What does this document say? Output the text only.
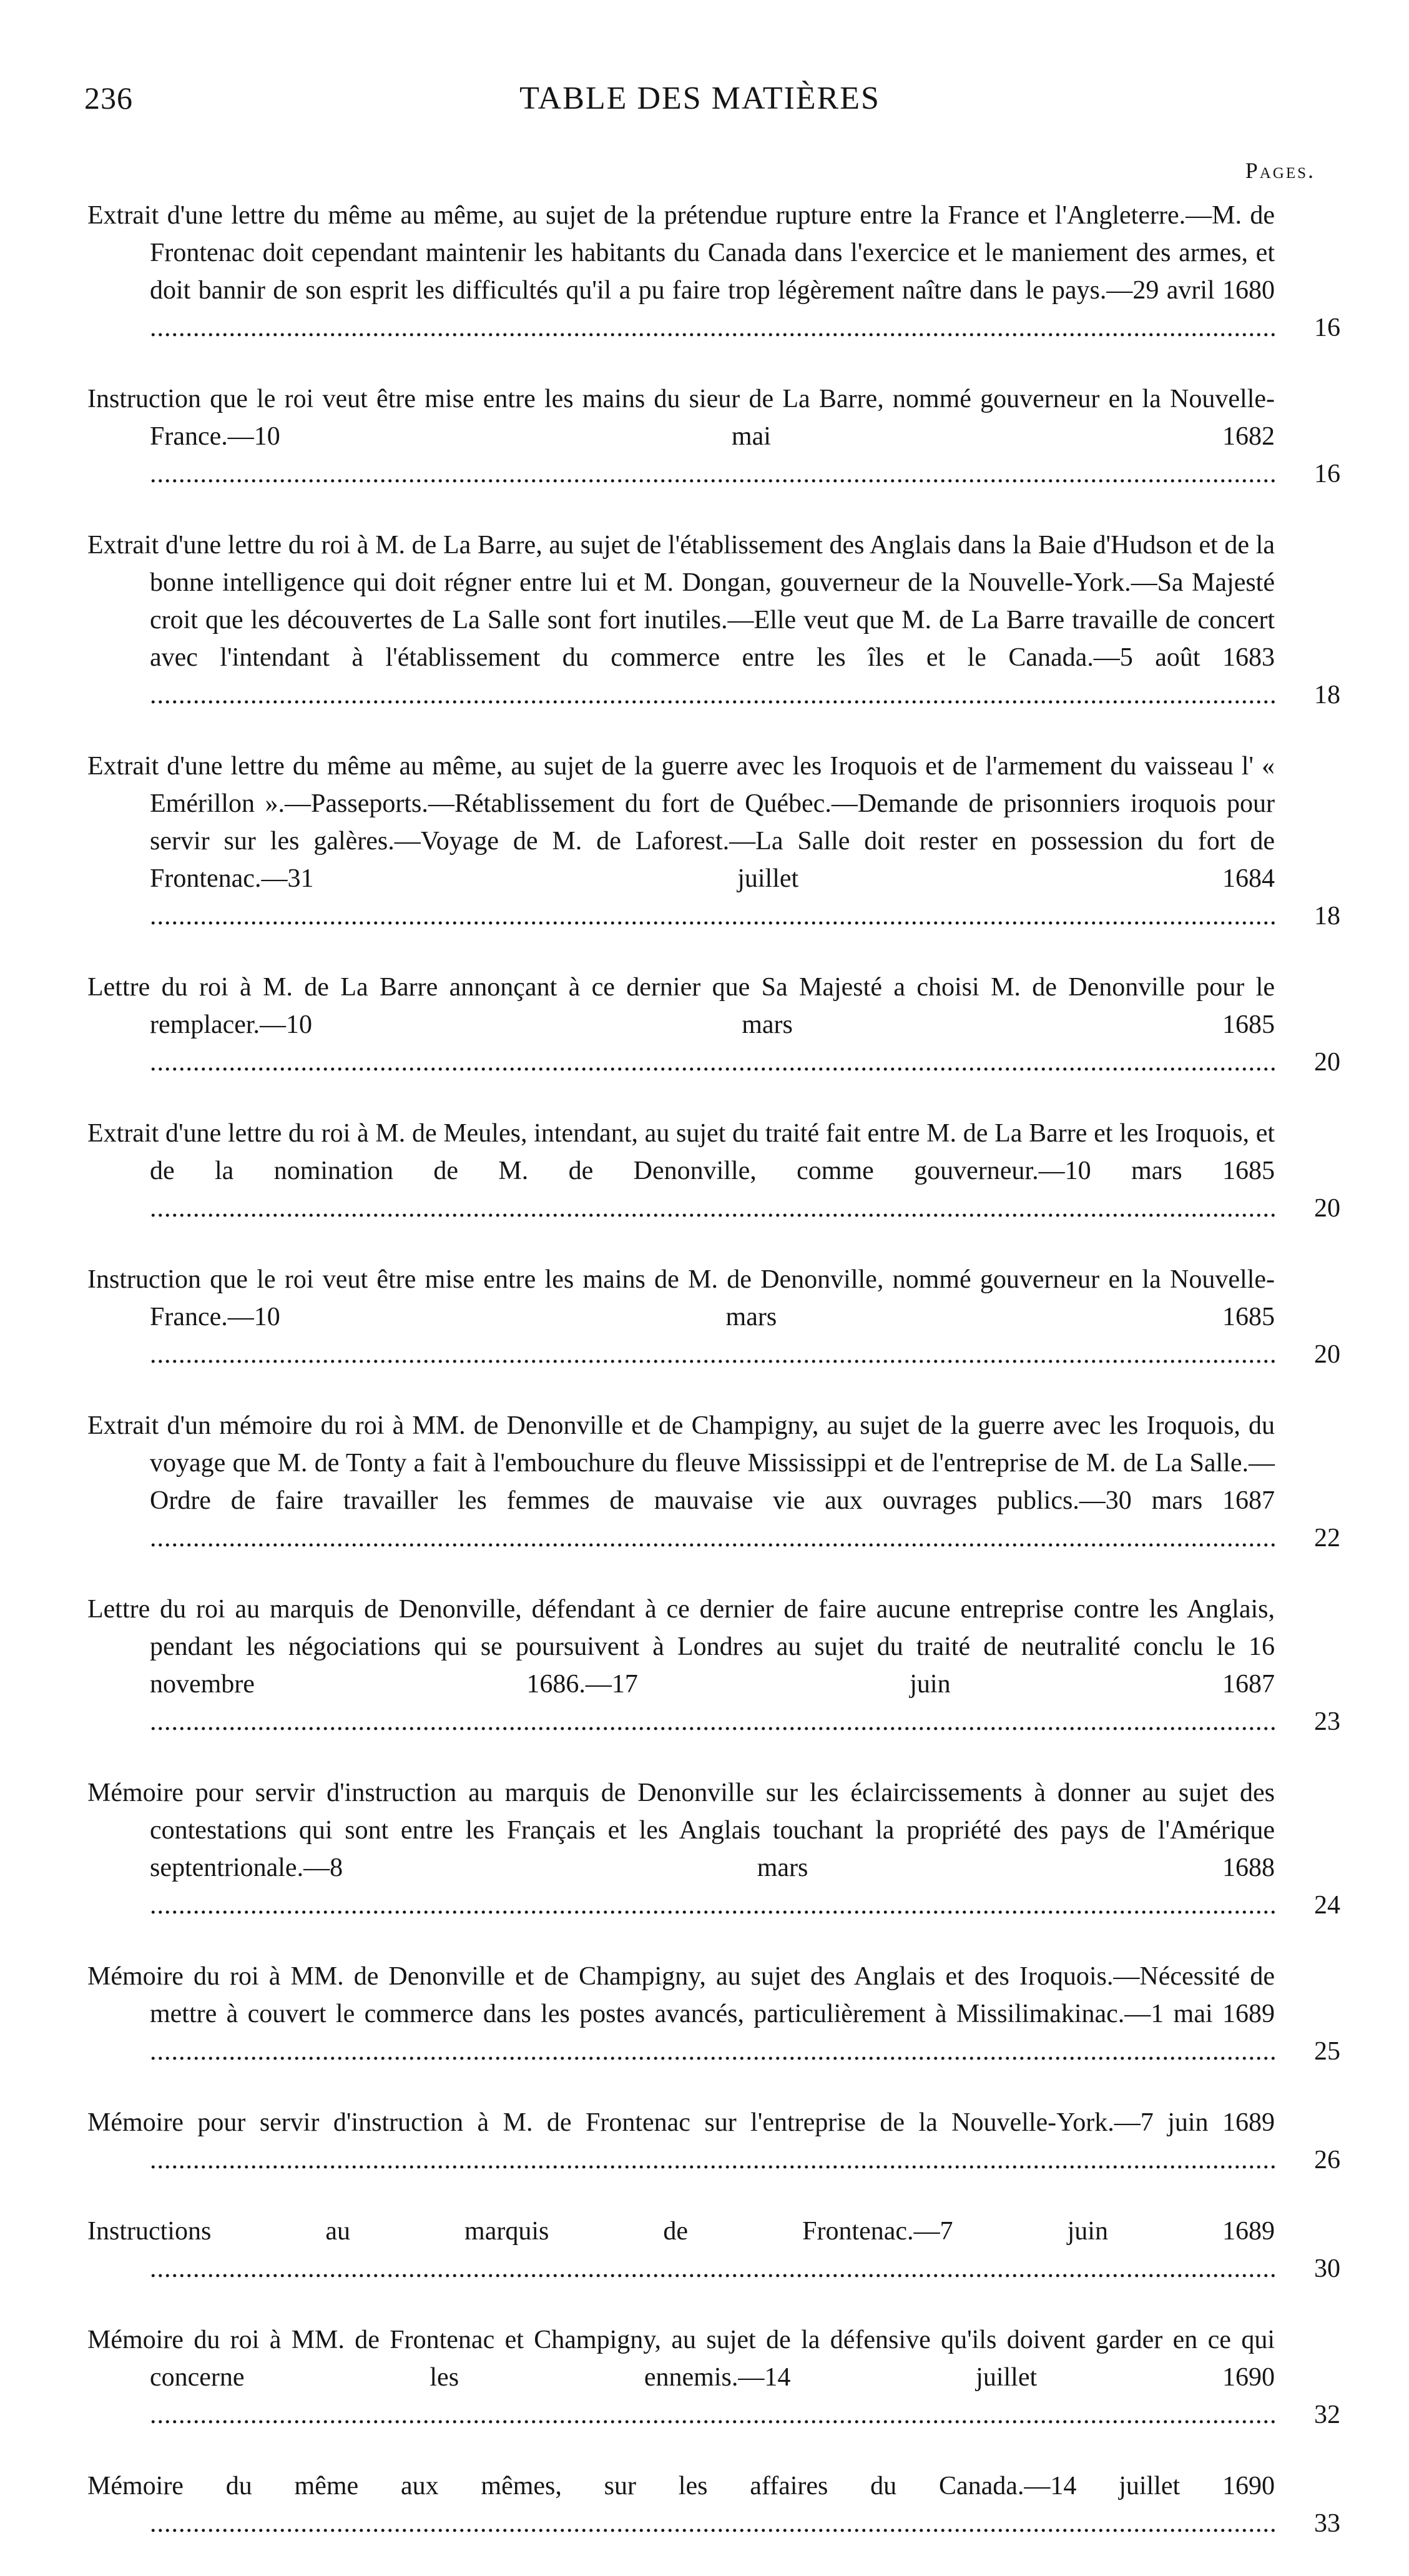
236	TABLE DES MATIÈRES
Pages.
Extrait d'une lettre du même au même, au sujet de la prétendue rupture entre la France et l'Angleterre.—M. de Frontenac doit cependant maintenir les habitants du Canada dans l'exercice et le maniement des armes, et doit bannir de son esprit les difficultés qu'il a pu faire trop légèrement naître dans le pays.—29 avril 1680 .....
16
Instruction que le roi veut être mise entre les mains du sieur de La Barre, nommé gouverneur en la Nouvelle-France.—10 mai 1682 .....
16
Extrait d'une lettre du roi à M. de La Barre, au sujet de l'établissement des Anglais dans la Baie d'Hudson et de la bonne intelligence qui doit régner entre lui et M. Dongan, gouverneur de la Nouvelle-York.—Sa Majesté croit que les découvertes de La Salle sont fort inutiles.—Elle veut que M. de La Barre travaille de concert avec l'intendant à l'établissement du commerce entre les îles et le Canada.—5 août 1683 .....
18
Extrait d'une lettre du même au même, au sujet de la guerre avec les Iroquois et de l'armement du vaisseau l' « Emérillon ».—Passeports.—Rétablissement du fort de Québec.—Demande de prisonniers iroquois pour servir sur les galères.—Voyage de M. de Laforest.—La Salle doit rester en possession du fort de Frontenac.—31 juillet 1684 .....
18
Lettre du roi à M. de La Barre annonçant à ce dernier que Sa Majesté a choisi M. de Denonville pour le remplacer.—10 mars 1685 .....
20
Extrait d'une lettre du roi à M. de Meules, intendant, au sujet du traité fait entre M. de La Barre et les Iroquois, et de la nomination de M. de Denonville, comme gouverneur.—10 mars 1685 .....
20
Instruction que le roi veut être mise entre les mains de M. de Denonville, nommé gouverneur en la Nouvelle-France.—10 mars 1685 .....
20
Extrait d'un mémoire du roi à MM. de Denonville et de Champigny, au sujet de la guerre avec les Iroquois, du voyage que M. de Tonty a fait à l'embouchure du fleuve Mississippi et de l'entreprise de M. de La Salle.—Ordre de faire travailler les femmes de mauvaise vie aux ouvrages publics.—30 mars 1687 .....
22
Lettre du roi au marquis de Denonville, défendant à ce dernier de faire aucune entreprise contre les Anglais, pendant les négociations qui se poursuivent à Londres au sujet du traité de neutralité conclu le 16 novembre 1686.—17 juin 1687 .....
23
Mémoire pour servir d'instruction au marquis de Denonville sur les éclaircissements à donner au sujet des contestations qui sont entre les Français et les Anglais touchant la propriété des pays de l'Amérique septentrionale.—8 mars 1688 .....
24
Mémoire du roi à MM. de Denonville et de Champigny, au sujet des Anglais et des Iroquois.—Nécessité de mettre à couvert le commerce dans les postes avancés, particulièrement à Missilimakinac.—1 mai 1689 .....
25
Mémoire pour servir d'instruction à M. de Frontenac sur l'entreprise de la Nouvelle-York.—7 juin 1689 .....
26
Instructions au marquis de Frontenac.—7 juin 1689 .....
30
Mémoire du roi à MM. de Frontenac et Champigny, au sujet de la défensive qu'ils doivent garder en ce qui concerne les ennemis.—14 juillet 1690 .....
32
Mémoire du même aux mêmes, sur les affaires du Canada.—14 juillet 1690 .....
33
